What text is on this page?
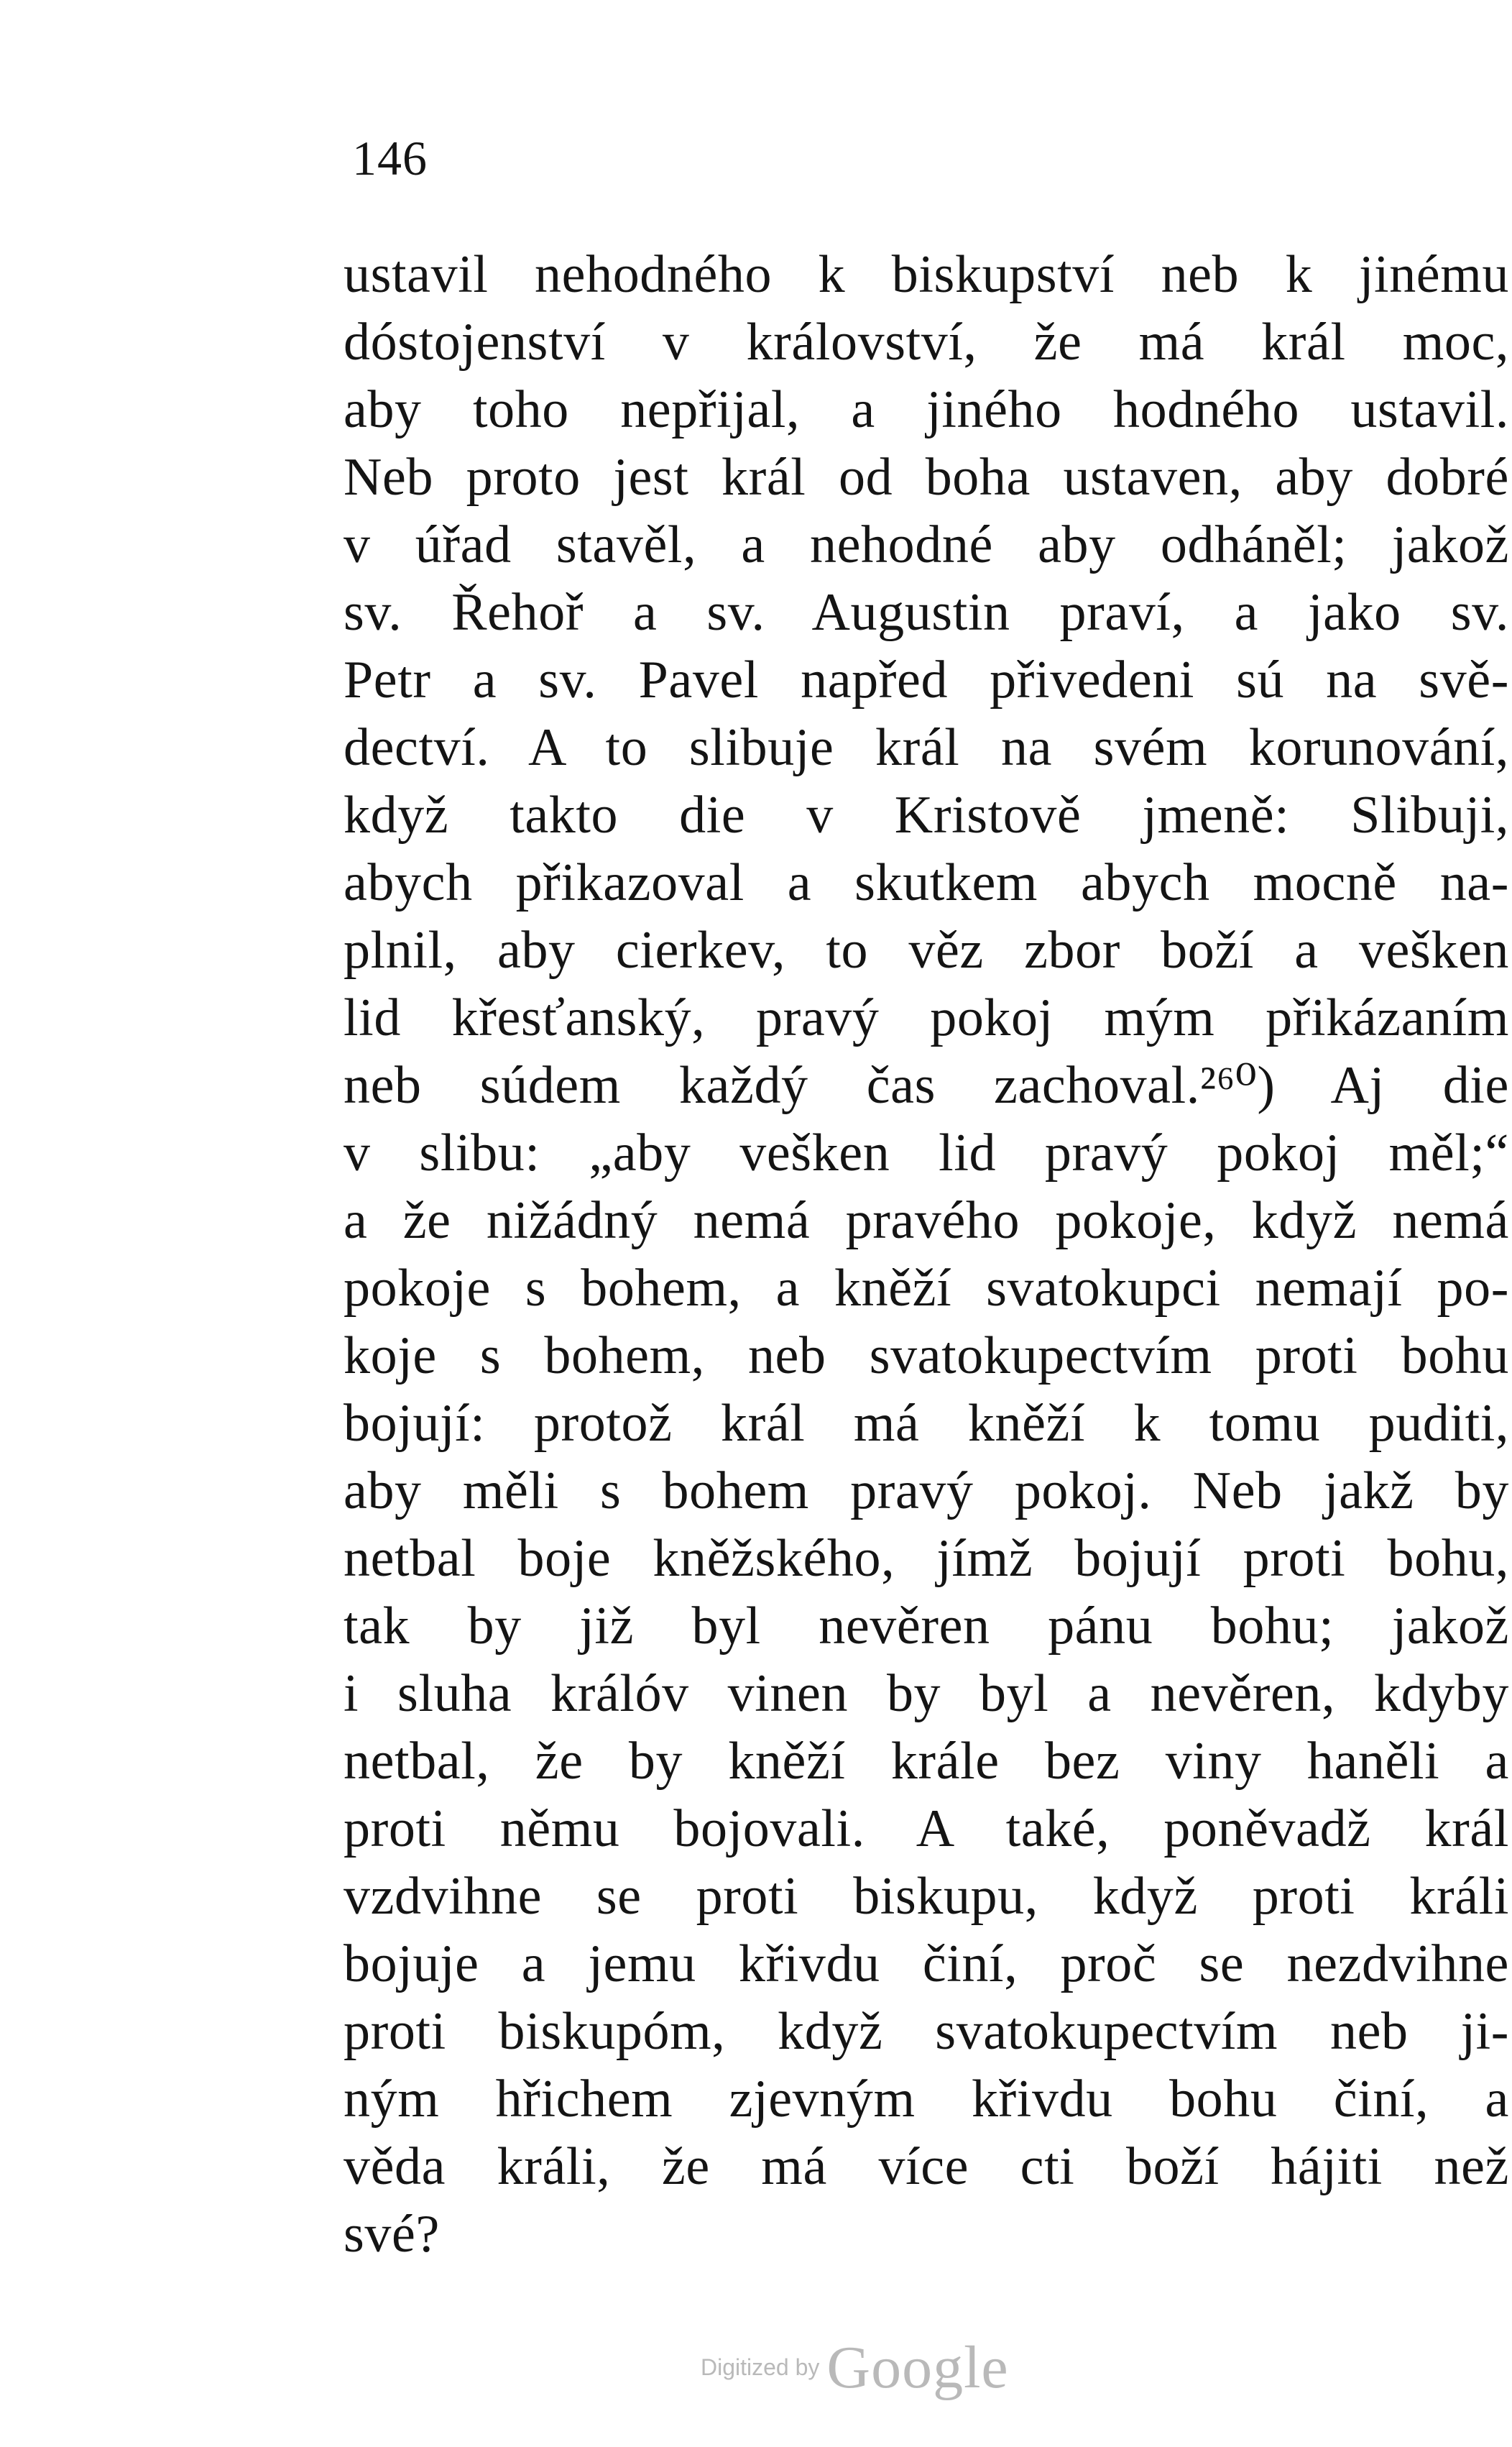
146
ustavil nehodného k biskupství neb k jinému
dóstojenství v království, že má král moc,
aby toho nepřijal, a jiného hodného ustavil.
Neb proto jest král od boha ustaven, aby dobré
v úřad stavěl, a nehodné aby odháněl; jakož
sv. Řehoř a sv. Augustin praví, a jako sv.
Petr a sv. Pavel napřed přivedeni sú na svě-
dectví. A to slibuje král na svém korunování,
když takto die v Kristově jmeně: Slibuji,
abych přikazoval a skutkem abych mocně na-
plnil, aby cierkev, to věz zbor boží a vešken
lid křesťanský, pravý pokoj mým přikázaním
neb súdem každý čas zachoval.²⁶⁰) Aj die
v slibu: „aby vešken lid pravý pokoj měl;“
a že nižádný nemá pravého pokoje, když nemá
pokoje s bohem, a kněží svatokupci nemají po-
koje s bohem, neb svatokupectvím proti bohu
bojují: protož král má kněží k tomu puditi,
aby měli s bohem pravý pokoj. Neb jakž by
netbal boje kněžského, jímž bojují proti bohu,
tak by již byl nevěren pánu bohu; jakož
i sluha králóv vinen by byl a nevěren, kdyby
netbal, že by kněží krále bez viny haněli a
proti němu bojovali. A také, poněvadž král
vzdvihne se proti biskupu, když proti králi
bojuje a jemu křivdu činí, proč se nezdvihne
proti biskupóm, když svatokupectvím neb ji-
ným hřichem zjevným křivdu bohu činí, a
věda králi, že má více cti boží hájiti než
své?
Digitized by Google
